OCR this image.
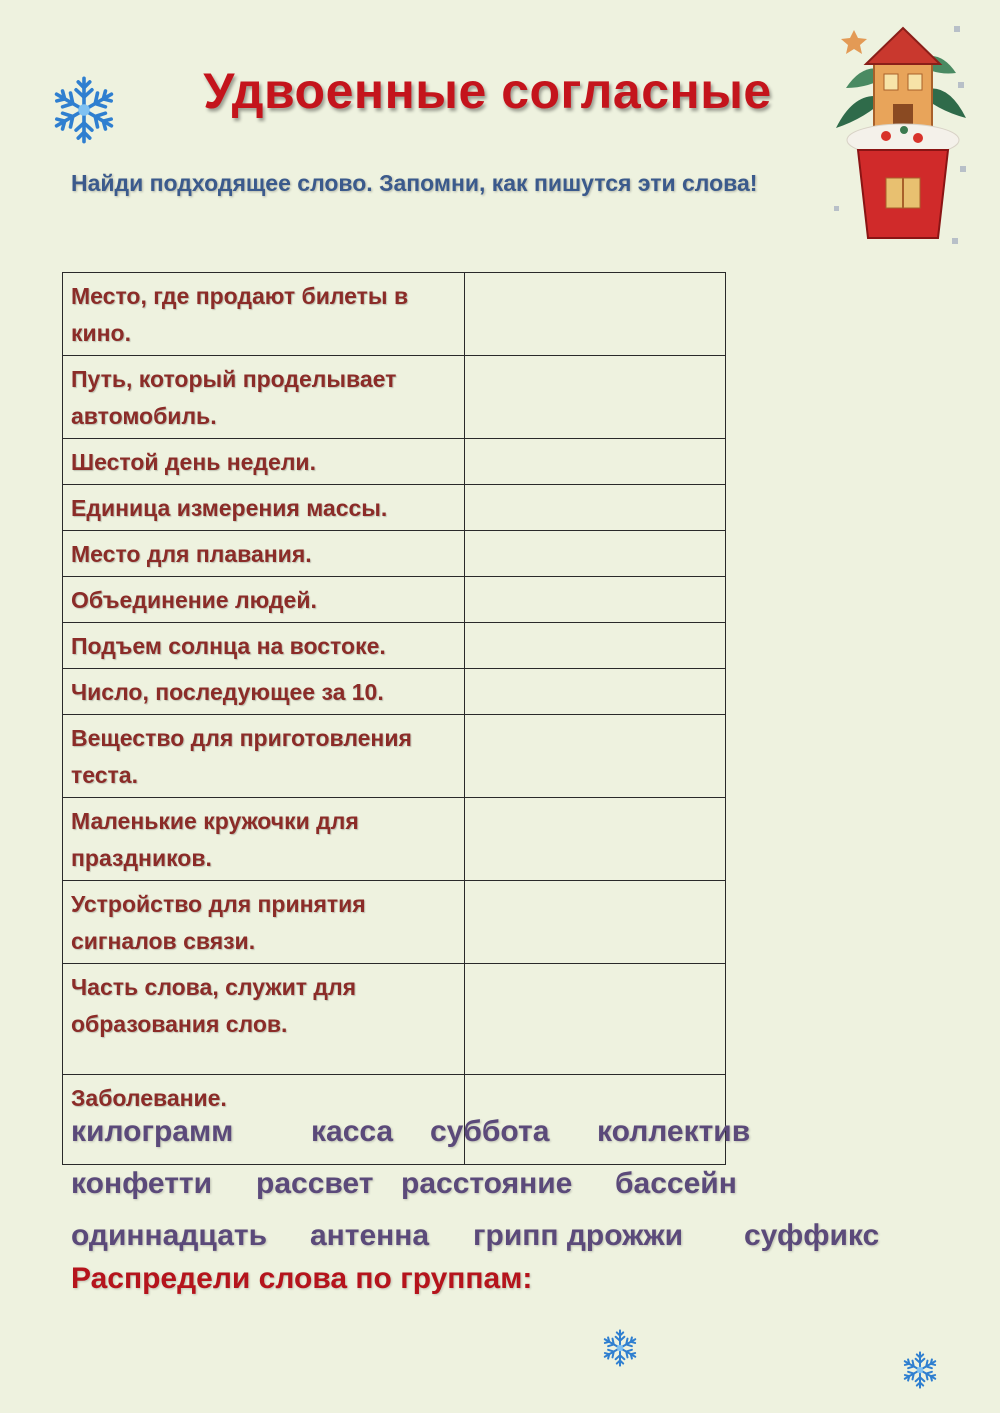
Удвоенные согласные
Найди подходящее слово. Запомни, как пишутся эти слова!
Место, где продают билеты в кино.	
Путь, который проделывает автомобиль.	
Шестой день недели.	
Единица измерения массы.	
Место для плавания.	
Объединение людей.	
Подъем солнца на востоке.	
Число, последующее за 10.	
Вещество для приготовления теста.	
Маленькие кружочки для праздников.	
Устройство для принятия сигналов связи.	
Часть слова, служит для образования слов.	
Заболевание.	
килограмм	касса суббота коллектив
конфетти рассвет расстояние бассейн
одиннадцать антенна грипп дрожжи суффикс
Распредели слова по группам:
